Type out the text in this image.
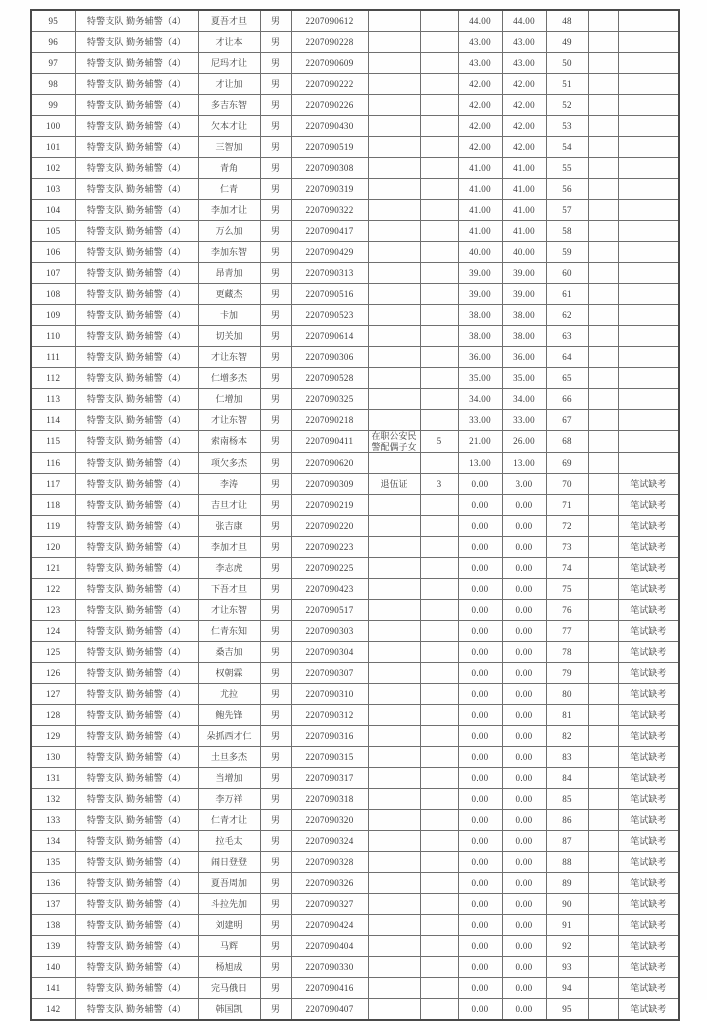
95	特警支队 勤务辅警（4）	夏吾才旦	男	2207090612			44.00	44.00	48		
96	特警支队 勤务辅警（4）	才让本	男	2207090228			43.00	43.00	49		
97	特警支队 勤务辅警（4）	尼玛才让	男	2207090609			43.00	43.00	50		
98	特警支队 勤务辅警（4）	才让加	男	2207090222			42.00	42.00	51		
99	特警支队 勤务辅警（4）	多吉东智	男	2207090226			42.00	42.00	52		
100	特警支队 勤务辅警（4）	欠本才让	男	2207090430			42.00	42.00	53		
101	特警支队 勤务辅警（4）	三智加	男	2207090519			42.00	42.00	54		
102	特警支队 勤务辅警（4）	青角	男	2207090308			41.00	41.00	55		
103	特警支队 勤务辅警（4）	仁青	男	2207090319			41.00	41.00	56		
104	特警支队 勤务辅警（4）	李加才让	男	2207090322			41.00	41.00	57		
105	特警支队 勤务辅警（4）	万么加	男	2207090417			41.00	41.00	58		
106	特警支队 勤务辅警（4）	李加东智	男	2207090429			40.00	40.00	59		
107	特警支队 勤务辅警（4）	昂青加	男	2207090313			39.00	39.00	60		
108	特警支队 勤务辅警（4）	更藏杰	男	2207090516			39.00	39.00	61		
109	特警支队 勤务辅警（4）	卡加	男	2207090523			38.00	38.00	62		
110	特警支队 勤务辅警（4）	切关加	男	2207090614			38.00	38.00	63		
111	特警支队 勤务辅警（4）	才让东智	男	2207090306			36.00	36.00	64		
112	特警支队 勤务辅警（4）	仁增多杰	男	2207090528			35.00	35.00	65		
113	特警支队 勤务辅警（4）	仁增加	男	2207090325			34.00	34.00	66		
114	特警支队 勤务辅警（4）	才让东智	男	2207090218			33.00	33.00	67		
115	特警支队 勤务辅警（4）	索南杨本	男	2207090411	在职公安民警配偶子女	5	21.00	26.00	68		
116	特警支队 勤务辅警（4）	项欠多杰	男	2207090620			13.00	13.00	69		
117	特警支队 勤务辅警（4）	李涛	男	2207090309	退伍证	3	0.00	3.00	70		笔试缺考
118	特警支队 勤务辅警（4）	吉旦才让	男	2207090219			0.00	0.00	71		笔试缺考
119	特警支队 勤务辅警（4）	张吉康	男	2207090220			0.00	0.00	72		笔试缺考
120	特警支队 勤务辅警（4）	李加才旦	男	2207090223			0.00	0.00	73		笔试缺考
121	特警支队 勤务辅警（4）	李志虎	男	2207090225			0.00	0.00	74		笔试缺考
122	特警支队 勤务辅警（4）	下吾才旦	男	2207090423			0.00	0.00	75		笔试缺考
123	特警支队 勤务辅警（4）	才让东智	男	2207090517			0.00	0.00	76		笔试缺考
124	特警支队 勤务辅警（4）	仁青东知	男	2207090303			0.00	0.00	77		笔试缺考
125	特警支队 勤务辅警（4）	桑吉加	男	2207090304			0.00	0.00	78		笔试缺考
126	特警支队 勤务辅警（4）	权朝霖	男	2207090307			0.00	0.00	79		笔试缺考
127	特警支队 勤务辅警（4）	尤拉	男	2207090310			0.00	0.00	80		笔试缺考
128	特警支队 勤务辅警（4）	鲍先锋	男	2207090312			0.00	0.00	81		笔试缺考
129	特警支队 勤务辅警（4）	朵抓西才仁	男	2207090316			0.00	0.00	82		笔试缺考
130	特警支队 勤务辅警（4）	土旦多杰	男	2207090315			0.00	0.00	83		笔试缺考
131	特警支队 勤务辅警（4）	当增加	男	2207090317			0.00	0.00	84		笔试缺考
132	特警支队 勤务辅警（4）	李万祥	男	2207090318			0.00	0.00	85		笔试缺考
133	特警支队 勤务辅警（4）	仁青才让	男	2207090320			0.00	0.00	86		笔试缺考
134	特警支队 勤务辅警（4）	拉毛太	男	2207090324			0.00	0.00	87		笔试缺考
135	特警支队 勤务辅警（4）	闹日登登	男	2207090328			0.00	0.00	88		笔试缺考
136	特警支队 勤务辅警（4）	夏吾周加	男	2207090326			0.00	0.00	89		笔试缺考
137	特警支队 勤务辅警（4）	斗拉先加	男	2207090327			0.00	0.00	90		笔试缺考
138	特警支队 勤务辅警（4）	刘建明	男	2207090424			0.00	0.00	91		笔试缺考
139	特警支队 勤务辅警（4）	马辉	男	2207090404			0.00	0.00	92		笔试缺考
140	特警支队 勤务辅警（4）	杨旭成	男	2207090330			0.00	0.00	93		笔试缺考
141	特警支队 勤务辅警（4）	完马俄日	男	2207090416			0.00	0.00	94		笔试缺考
142	特警支队 勤务辅警（4）	韩国凯	男	2207090407			0.00	0.00	95		笔试缺考
